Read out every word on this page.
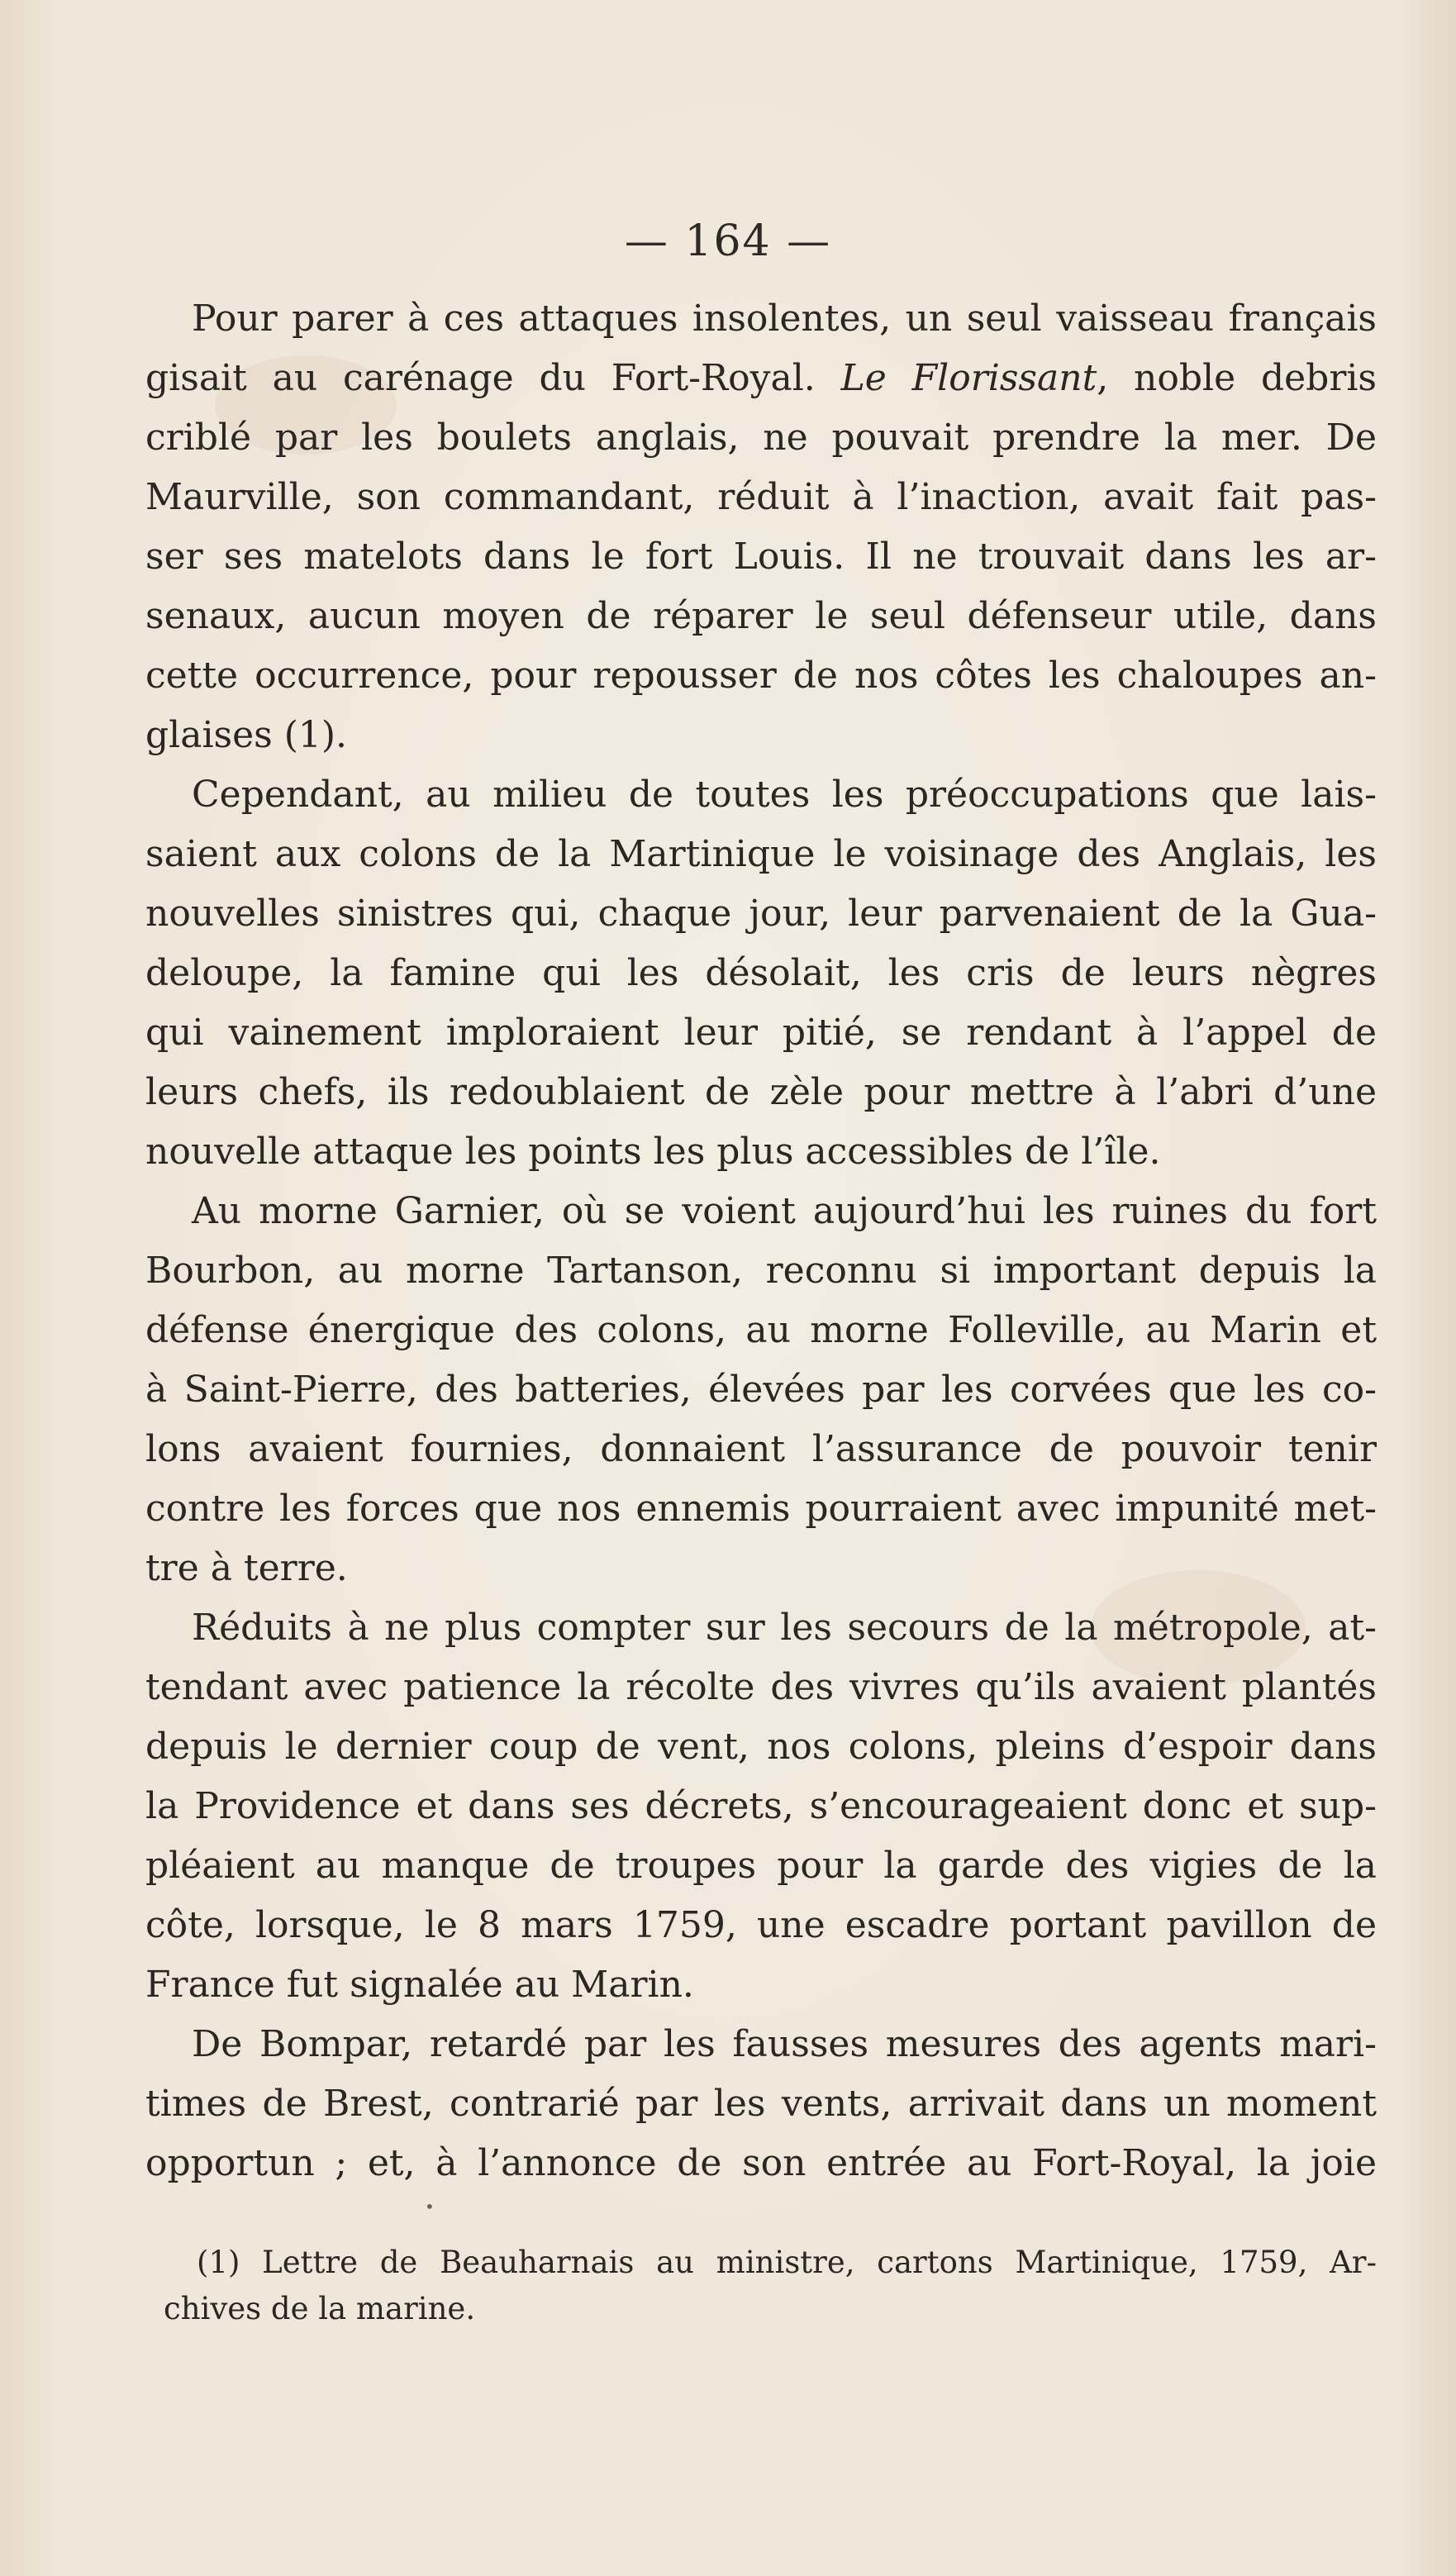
— 164 —
Pour parer à ces attaques insolentes, un seul vaisseau français
gisait au carénage du Fort-Royal. Le Florissant, noble debris
criblé par les boulets anglais, ne pouvait prendre la mer. De
Maurville, son commandant, réduit à l’inaction, avait fait pas-
ser ses matelots dans le fort Louis. Il ne trouvait dans les ar-
senaux, aucun moyen de réparer le seul défenseur utile, dans
cette occurrence, pour repousser de nos côtes les chaloupes an-
glaises (1).
Cependant, au milieu de toutes les préoccupations que lais-
saient aux colons de la Martinique le voisinage des Anglais, les
nouvelles sinistres qui, chaque jour, leur parvenaient de la Gua-
deloupe, la famine qui les désolait, les cris de leurs nègres
qui vainement imploraient leur pitié, se rendant à l’appel de
leurs chefs, ils redoublaient de zèle pour mettre à l’abri d’une
nouvelle attaque les points les plus accessibles de l’île.
Au morne Garnier, où se voient aujourd’hui les ruines du fort
Bourbon, au morne Tartanson, reconnu si important depuis la
défense énergique des colons, au morne Folleville, au Marin et
à Saint-Pierre, des batteries, élevées par les corvées que les co-
lons avaient fournies, donnaient l’assurance de pouvoir tenir
contre les forces que nos ennemis pourraient avec impunité met-
tre à terre.
Réduits à ne plus compter sur les secours de la métropole, at-
tendant avec patience la récolte des vivres qu’ils avaient plantés
depuis le dernier coup de vent, nos colons, pleins d’espoir dans
la Providence et dans ses décrets, s’encourageaient donc et sup-
pléaient au manque de troupes pour la garde des vigies de la
côte, lorsque, le 8 mars 1759, une escadre portant pavillon de
France fut signalée au Marin.
De Bompar, retardé par les fausses mesures des agents mari-
times de Brest, contrarié par les vents, arrivait dans un moment
opportun ; et, à l’annonce de son entrée au Fort-Royal, la joie
•
(1) Lettre de Beauharnais au ministre, cartons Martinique, 1759, Ar-
chives de la marine.
